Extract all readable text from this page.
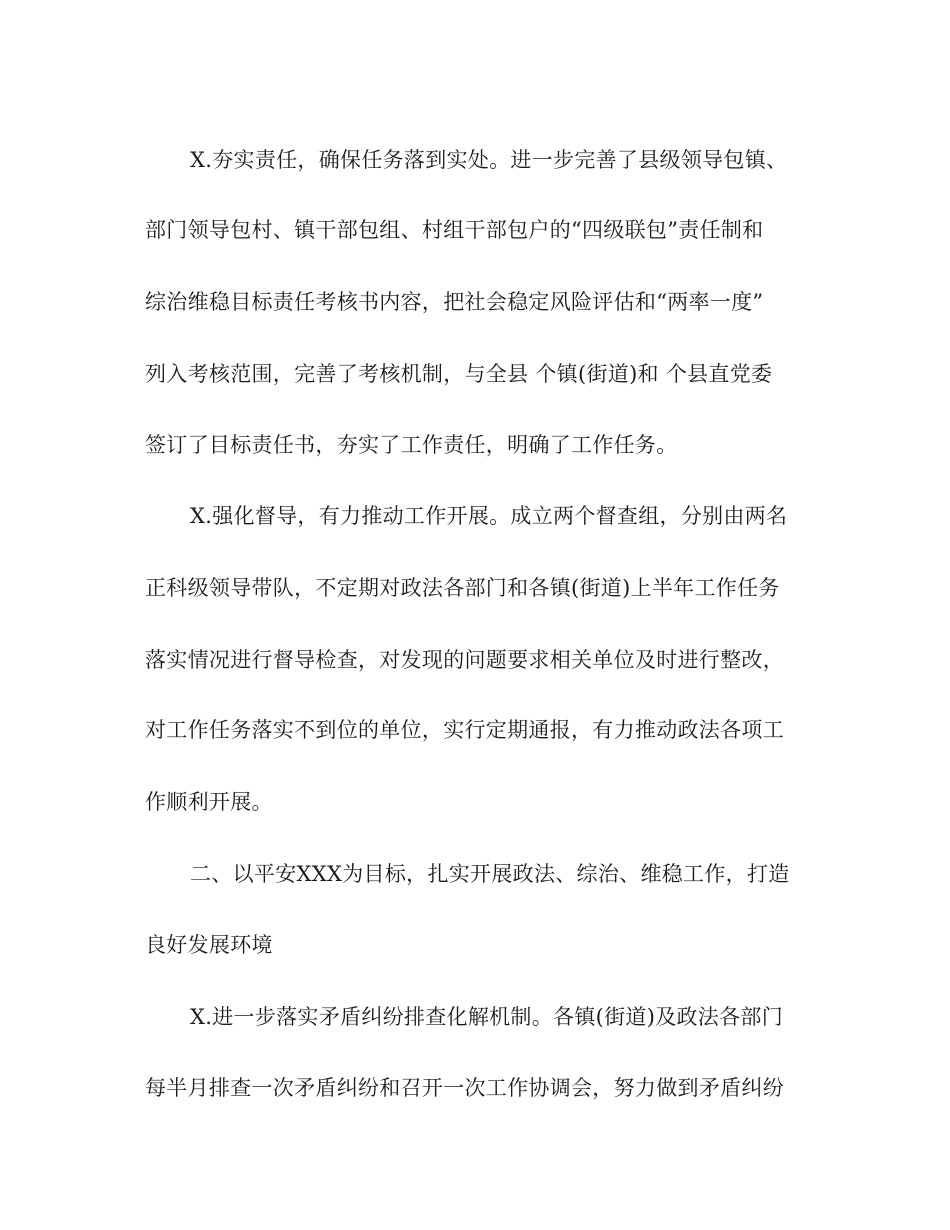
X.夯实责任，确保任务落到实处。进一步完善了县级领导包镇、

部门领导包村、镇干部包组、村组干部包户的“四级联包”责任制和

综治维稳目标责任考核书内容，把社会稳定风险评估和“两率一度”

列入考核范围，完善了考核机制，与全县 个镇(街道)和 个县直党委

签订了目标责任书，夯实了工作责任，明确了工作任务。

X.强化督导，有力推动工作开展。成立两个督查组，分别由两名

正科级领导带队，不定期对政法各部门和各镇(街道)上半年工作任务

落实情况进行督导检查，对发现的问题要求相关单位及时进行整改，

对工作任务落实不到位的单位，实行定期通报，有力推动政法各项工

作顺利开展。

二、以平安XXX为目标，扎实开展政法、综治、维稳工作，打造

良好发展环境

X.进一步落实矛盾纠纷排查化解机制。各镇(街道)及政法各部门

每半月排查一次矛盾纠纷和召开一次工作协调会，努力做到矛盾纠纷
